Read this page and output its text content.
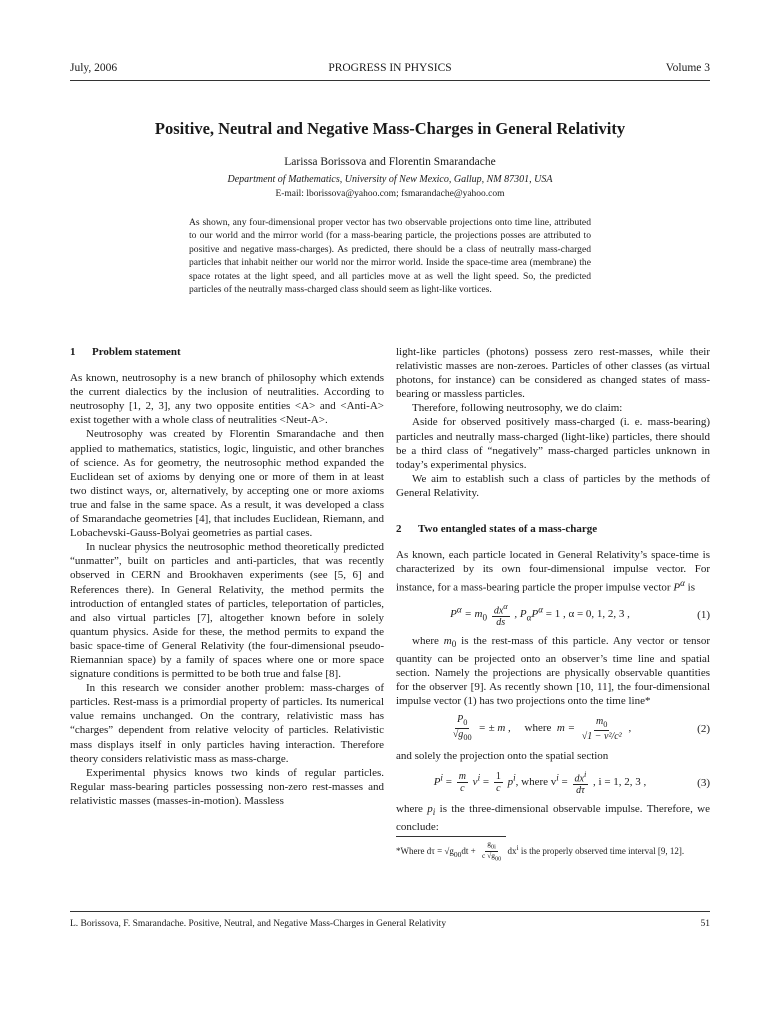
July, 2006	PROGRESS IN PHYSICS	Volume 3
Positive, Neutral and Negative Mass-Charges in General Relativity
Larissa Borissova and Florentin Smarandache
Department of Mathematics, University of New Mexico, Gallup, NM 87301, USA
E-mail: lborissova@yahoo.com; fsmarandache@yahoo.com

As shown, any four-dimensional proper vector has two observable projections onto time line, attributed to our world and the mirror world (for a mass-bearing particle, the projections posses are attributed to positive and negative mass-charges). As predicted, there should be a class of neutrally mass-charged particles that inhabit neither our world nor the mirror world. Inside the space-time area (membrane) the space rotates at the light speed, and all particles move at as well the light speed. So, the predicted particles of the neutrally mass-charged class should seem as light-like vortices.

1 Problem statement

As known, neutrosophy is a new branch of philosophy which extends the current dialectics by the inclusion of neutralities. According to neutrosophy [1, 2, 3], any two opposite entities <A> and <Anti-A> exist together with a whole class of neutralities <Neut-A>.

Neutrosophy was created by Florentin Smarandache and then applied to mathematics, statistics, logic, linguistic, and other branches of science. As for geometry, the neutrosophic method expanded the Euclidean set of axioms by denying one or more of them in at least two distinct ways, or, alternatively, by accepting one or more axioms true and false in the same space. As a result, it was developed a class of Smarandache geometries [4], that includes Euclidean, Riemann, and Lobachevski-Gauss-Bolyai geometries as partial cases.

In nuclear physics the neutrosophic method theoretically predicted “unmatter”, built on particles and anti-particles, that was recently observed in CERN and Brookhaven experiments (see [5, 6] and References there). In General Relativity, the method permits the introduction of entangled states of particles, teleportation of particles, and also virtual particles [7], altogether known before in solely quantum physics. Aside for these, the method permits to expand the basic space-time of General Relativity (the four-dimensional pseudo-Riemannian space) by a family of spaces where one or more space signature conditions is permitted to be both true and false [8].

In this research we consider another problem: mass-charges of particles. Rest-mass is a primordial property of particles. Its numerical value remains unchanged. On the contrary, relativistic mass has “charges” dependent from relative velocity of particles. Relativistic mass displays itself in only particles having interaction. Therefore theory considers relativistic mass as mass-charge.

Experimental physics knows two kinds of regular particles. Regular mass-bearing particles possessing non-zero rest-masses and relativistic masses (masses-in-motion). Massless

light-like particles (photons) possess zero rest-masses, while their relativistic masses are non-zeroes. Particles of other classes (as virtual photons, for instance) can be considered as changed states of mass-bearing or massless particles.

Therefore, following neutrosophy, we do claim:

Aside for observed positively mass-charged (i. e. mass-bearing) particles and neutrally mass-charged (light-like) particles, there should be a third class of “negatively” mass-charged particles unknown in today’s experimental physics.

We aim to establish such a class of particles by the methods of General Relativity.

2 Two entangled states of a mass-charge

As known, each particle located in General Relativity’s space-time is characterized by its own four-dimensional impulse vector. For instance, for a mass-bearing particle the proper impulse vector $P^\alpha$ is

$P^\alpha = m_0 \frac{dx^\alpha}{ds}$ , $P_\alpha P^\alpha = 1$ , α = 0, 1, 2, 3 ,	(1)

where $m_0$ is the rest-mass of this particle. Any vector or tensor quantity can be projected onto an observer’s time line and spatial section. Namely the projections are physically observable quantities for the observer [9]. As recently shown [10, 11], the four-dimensional impulse vector (1) has two projections onto the time line*

$\frac{P_0}{√g_{00}}$ = ± m , where $m = \frac{m_0}{\text{√1 − v²/c²}}$ ,	(2)

and solely the projection onto the spatial section

$P^i = \frac{m}{c} v^i = \frac{1}{c} p^i$, where $v^i = \frac{dx^i}{d\tau}$ , i = 1, 2, 3 ,	(3)

where $p_i$ is the three-dimensional observable impulse. Therefore, we conclude:

*Where $d\tau = √g_{00}dt + \frac{g_{0i}}{c √g_{00}} dx^i$ is the properly observed time interval [9, 12].

L. Borissova, F. Smarandache. Positive, Neutral, and Negative Mass-Charges in General Relativity	51
